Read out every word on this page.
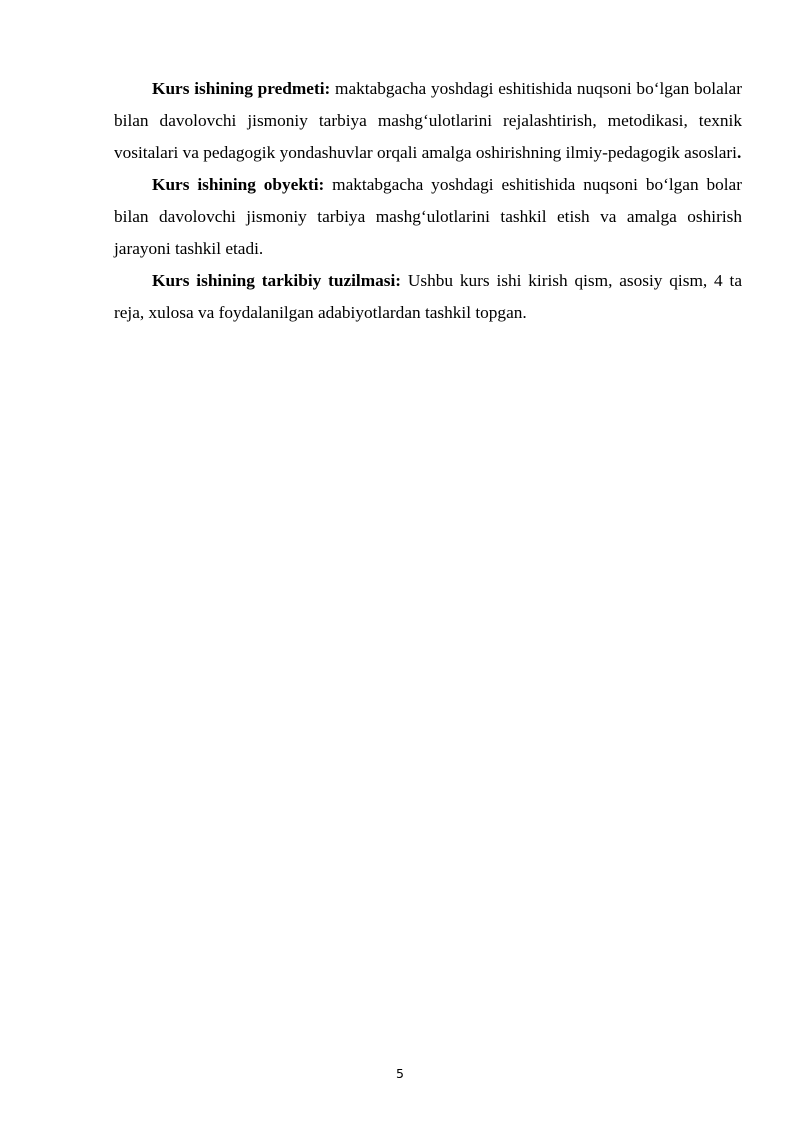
Kurs ishining predmeti: maktabgacha yoshdagi eshitishida nuqsoni boʻlgan bolalar bilan davolovchi jismoniy tarbiya mashgʻulotlarini rejalashtirish, metodikasi, texnik vositalari va pedagogik yondashuvlar orqali amalga oshirishning ilmiy-pedagogik asoslari.

Kurs ishining obyekti: maktabgacha yoshdagi eshitishida nuqsoni boʻlgan bolar bilan davolovchi jismoniy tarbiya mashgʻulotlarini tashkil etish va amalga oshirish jarayoni tashkil etadi.

Kurs ishining tarkibiy tuzilmasi: Ushbu kurs ishi kirish qism, asosiy qism, 4 ta reja, xulosa va foydalanilgan adabiyotlardan tashkil topgan.

5
